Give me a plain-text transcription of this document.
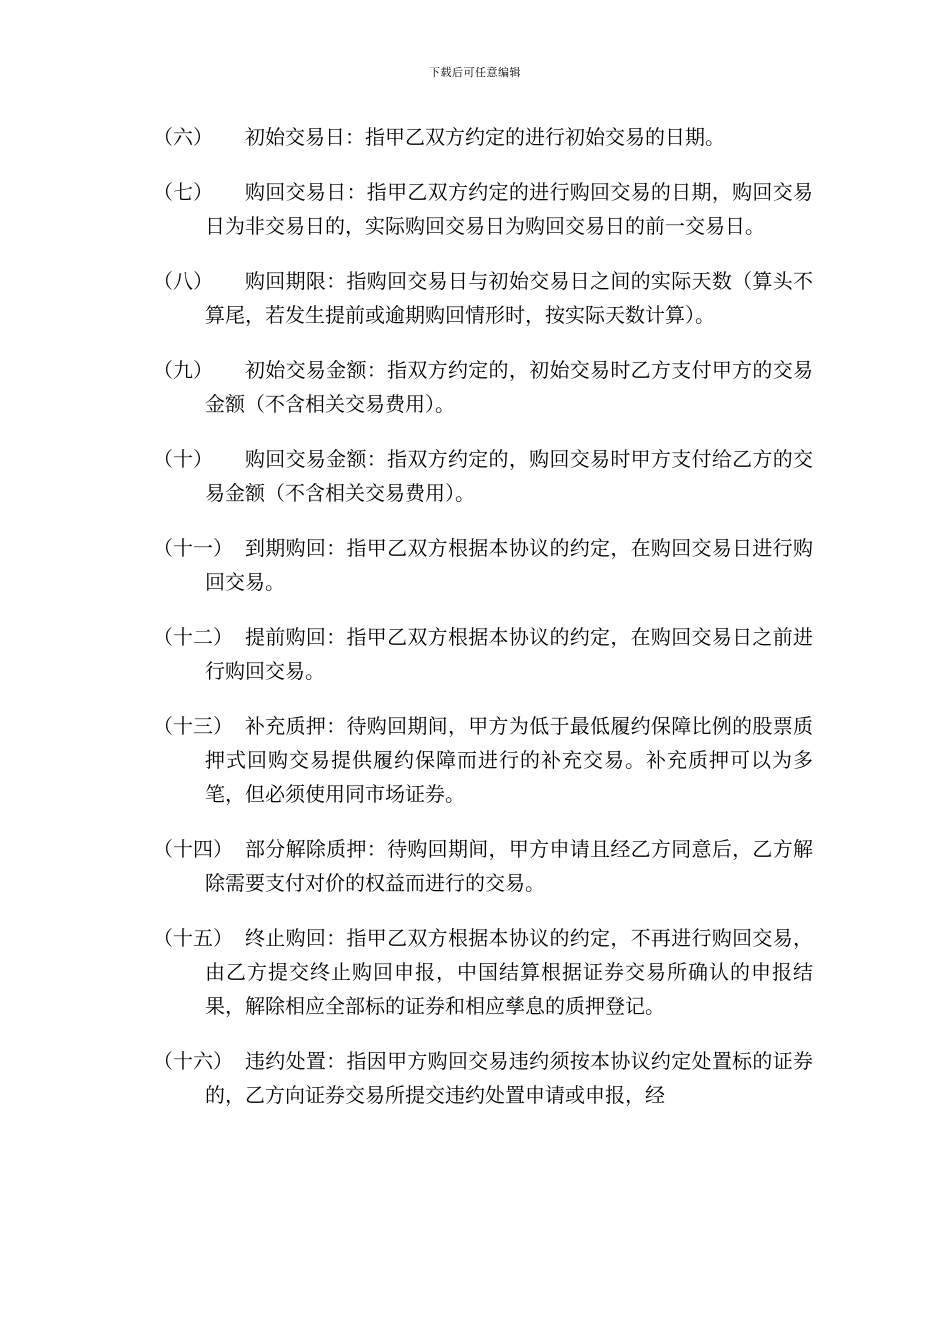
下载后可任意编辑
（六）	初始交易日：指甲乙双方约定的进行初始交易的日期。
（七）	购回交易日：指甲乙双方约定的进行购回交易的日期，购回交易日为非交易日的，实际购回交易日为购回交易日的前一交易日。
（八）	购回期限：指购回交易日与初始交易日之间的实际天数（算头不算尾，若发生提前或逾期购回情形时，按实际天数计算）。
（九）	初始交易金额：指双方约定的，初始交易时乙方支付甲方的交易金额（不含相关交易费用）。
（十）	购回交易金额：指双方约定的，购回交易时甲方支付给乙方的交易金额（不含相关交易费用）。
（十一） 到期购回：指甲乙双方根据本协议的约定，在购回交易日进行购回交易。
（十二） 提前购回：指甲乙双方根据本协议的约定，在购回交易日之前进行购回交易。
（十三） 补充质押：待购回期间，甲方为低于最低履约保障比例的股票质押式回购交易提供履约保障而进行的补充交易。补充质押可以为多笔，但必须使用同市场证券。
（十四） 部分解除质押：待购回期间，甲方申请且经乙方同意后，乙方解除需要支付对价的权益而进行的交易。
（十五） 终止购回：指甲乙双方根据本协议的约定，不再进行购回交易，由乙方提交终止购回申报，中国结算根据证券交易所确认的申报结果，解除相应全部标的证券和相应孳息的质押登记。
（十六） 违约处置：指因甲方购回交易违约须按本协议约定处置标的证券的，乙方向证券交易所提交违约处置申请或申报，经
